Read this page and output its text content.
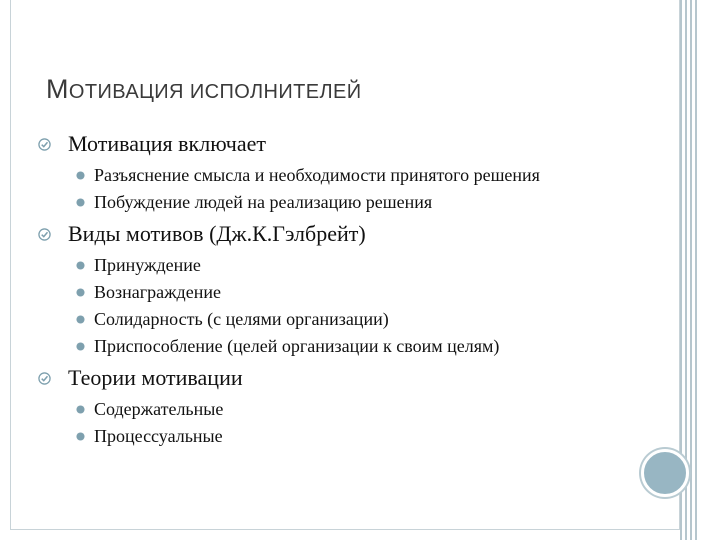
МОТИВАЦИЯ ИСПОЛНИТЕЛЕЙ
Мотивация включает
Разъяснение смысла и необходимости принятого решения
Побуждение людей на реализацию решения
Виды мотивов (Дж.К.Гэлбрейт)
Принуждение
Вознаграждение
Солидарность (с целями организации)
Приспособление (целей организации к своим целям)
Теории мотивации
Содержательные
Процессуальные
